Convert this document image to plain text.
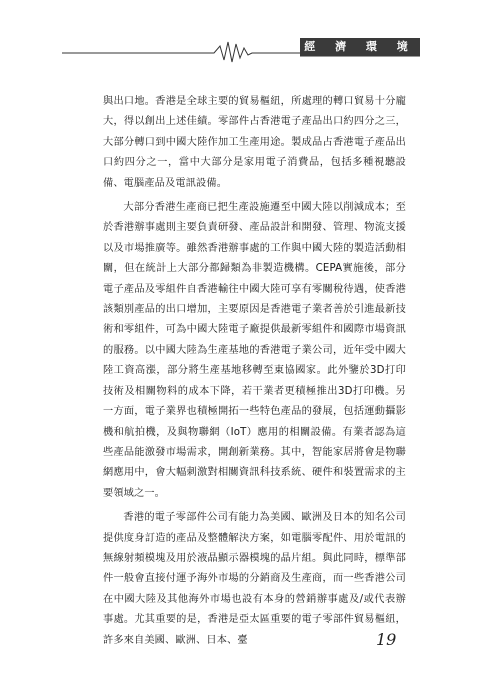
經 濟 環 境

與出口地。香港是全球主要的貿易樞紐，所處理的轉口貿易十分龐大，得以創出上述佳績。零部件占香港電子產品出口約四分之三，大部分轉口到中國大陸作加工生產用途。製成品占香港電子產品出口約四分之一，當中大部分是家用電子消費品，包括多種視聽設備、電腦產品及電訊設備。

大部分香港生產商已把生產設施遷至中國大陸以削減成本；至於香港辦事處則主要負責研發、產品設計和開發、管理、物流支援以及市場推廣等。雖然香港辦事處的工作與中國大陸的製造活動相關，但在統計上大部分都歸類為非製造機構。CEPA實施後，部分電子產品及零組件自香港輸往中國大陸可享有零關稅待遇，使香港該類別產品的出口增加，主要原因是香港電子業者善於引進最新技術和零組件，可為中國大陸電子廠提供最新零組件和國際市場資訊的服務。以中國大陸為生產基地的香港電子業公司，近年受中國大陸工資高漲，部分將生產基地移轉至東協國家。此外鑒於3D打印技術及相關物料的成本下降，若干業者更積極推出3D打印機。另一方面，電子業界也積極開拓一些特色產品的發展，包括運動攝影機和航拍機，及與物聯網（IoT）應用的相關設備。有業者認為這些產品能激發市場需求，開創新業務。其中，智能家居將會是物聯網應用中，會大幅刺激對相關資訊科技系統、硬件和裝置需求的主要領域之一。

香港的電子零部件公司有能力為美國、歐洲及日本的知名公司提供度身訂造的產品及整體解決方案，如電腦零配件、用於電訊的無線射頻模塊及用於液晶顯示器模塊的晶片組。與此同時，標準部件一般會直接付運予海外市場的分銷商及生產商，而一些香港公司在中國大陸及其他海外市場也設有本身的營銷辦事處及/或代表辦事處。尤其重要的是，香港是亞太區重要的電子零部件貿易樞紐，許多來自美國、歐洲、日本、臺	19
